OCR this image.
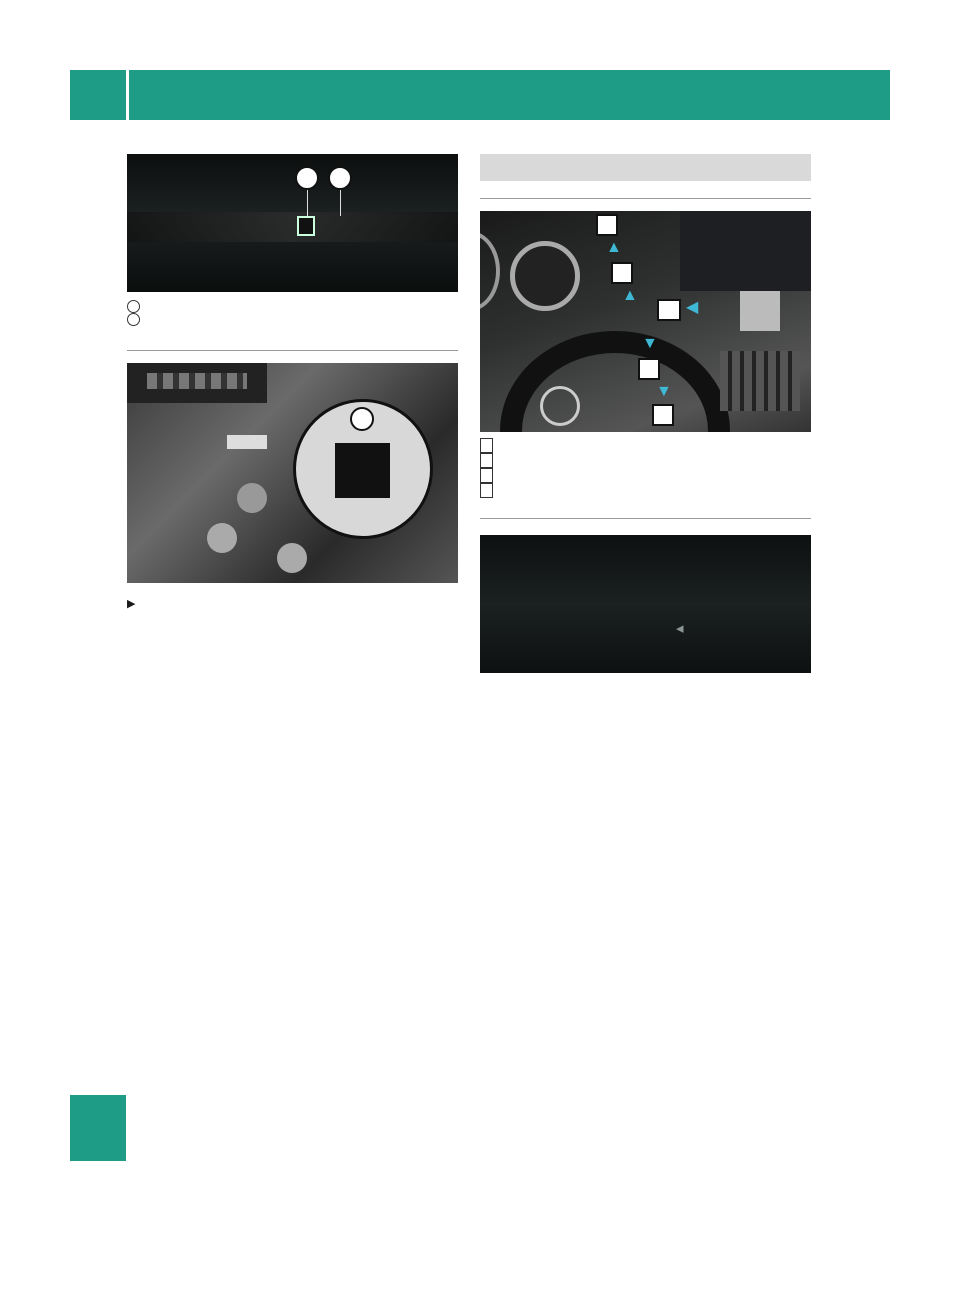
▶
▲
▲
◀
▼
▼

◂
